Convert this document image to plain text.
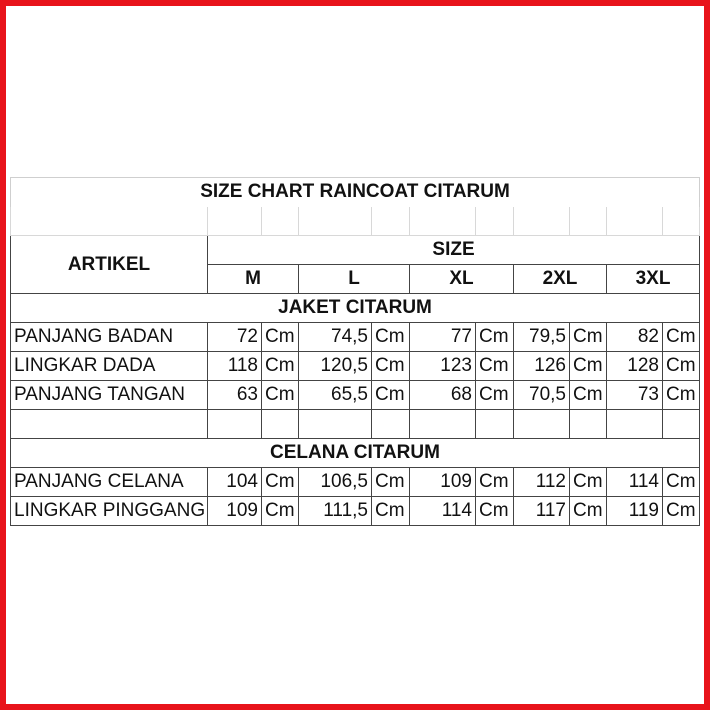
SIZE CHART RAINCOAT CITARUM										

ARTIKEL	SIZE									
	M		L		XL		2XL		3XL	
JAKET CITARUM										
PANJANG BADAN	72	Cm	74,5	Cm	77	Cm	79,5	Cm	82	Cm
LINGKAR DADA	118	Cm	120,5	Cm	123	Cm	126	Cm	128	Cm
PANJANG TANGAN	63	Cm	65,5	Cm	68	Cm	70,5	Cm	73	Cm

CELANA CITARUM										
PANJANG CELANA	104	Cm	106,5	Cm	109	Cm	112	Cm	114	Cm
LINGKAR PINGGANG	109	Cm	111,5	Cm	114	Cm	117	Cm	119	Cm
